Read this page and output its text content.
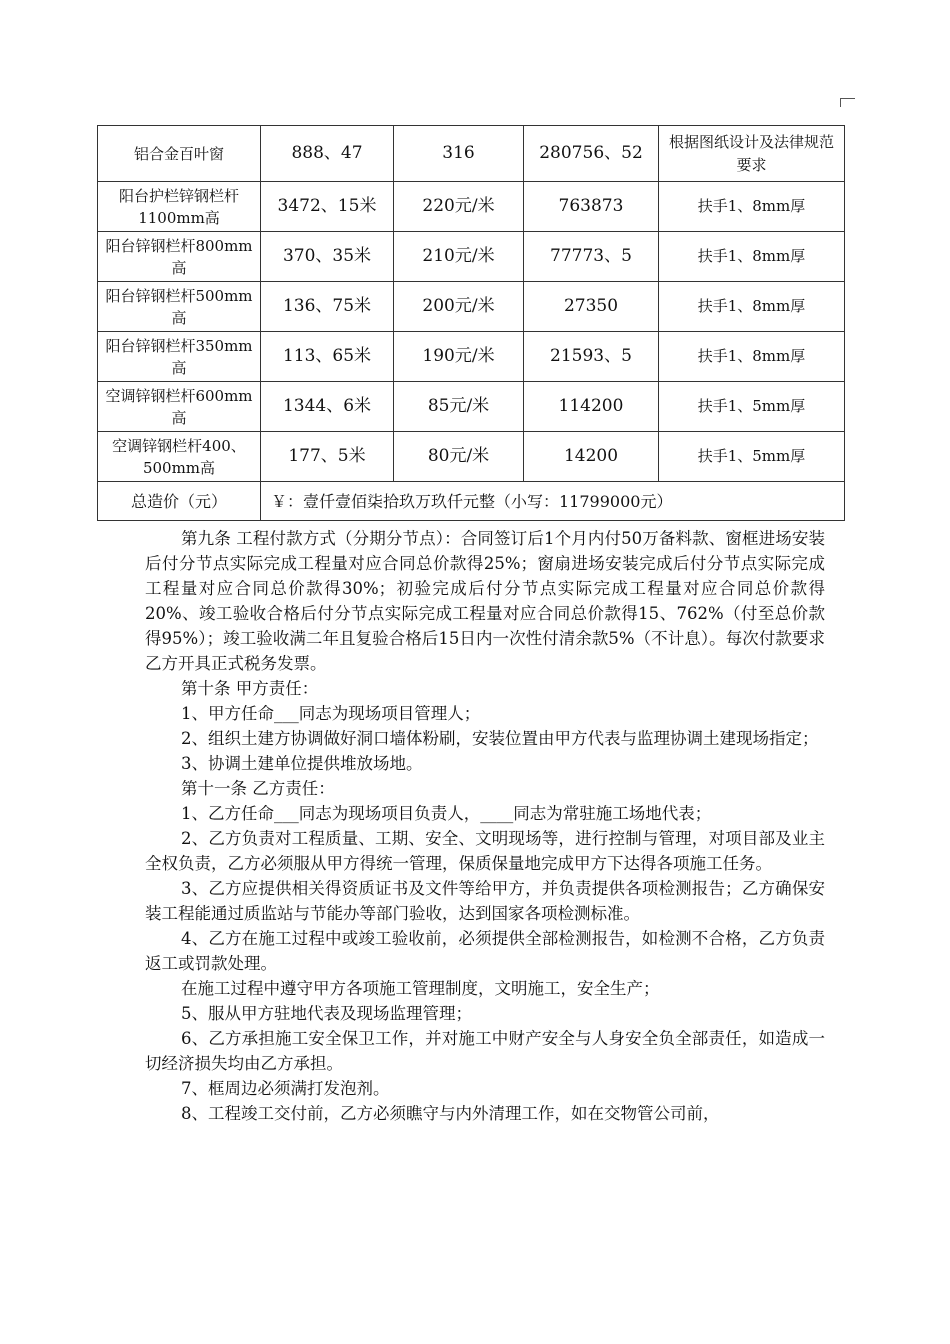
铝合金百叶窗	888、47	316	280756、52	根据图纸设计及法律规范要求
阳台护栏锌钢栏杆1100mm高	3472、15米	220元/米	763873	扶手1、8mm厚
阳台锌钢栏杆800mm高	370、35米	210元/米	77773、5	扶手1、8mm厚
阳台锌钢栏杆500mm高	136、75米	200元/米	27350	扶手1、8mm厚
阳台锌钢栏杆350mm高	113、65米	190元/米	21593、5	扶手1、8mm厚
空调锌钢栏杆600mm高	1344、6米	85元/米	114200	扶手1、5mm厚
空调锌钢栏杆400、500mm高	177、5米	80元/米	14200	扶手1、5mm厚
总造价（元）	￥：壹仟壹佰柒拾玖万玖仟元整（小写：11799000元）			

第九条 工程付款方式（分期分节点）：合同签订后1个月内付50万备料款、窗框进场安装后付分节点实际完成工程量对应合同总价款得25%；窗扇进场安装完成后付分节点实际完成工程量对应合同总价款得30%；初验完成后付分节点实际完成工程量对应合同总价款得20%、竣工验收合格后付分节点实际完成工程量对应合同总价款得15、762%（付至总价款得95%）；竣工验收满二年且复验合格后15日内一次性付清余款5%（不计息）。每次付款要求乙方开具正式税务发票。

第十条 甲方责任：

1、甲方任命___同志为现场项目管理人；

2、组织土建方协调做好洞口墙体粉刷，安装位置由甲方代表与监理协调土建现场指定；

3、协调土建单位提供堆放场地。

第十一条 乙方责任：

1、乙方任命___同志为现场项目负责人，____同志为常驻施工场地代表；

2、乙方负责对工程质量、工期、安全、文明现场等，进行控制与管理，对项目部及业主全权负责，乙方必须服从甲方得统一管理，保质保量地完成甲方下达得各项施工任务。

3、乙方应提供相关得资质证书及文件等给甲方，并负责提供各项检测报告；乙方确保安装工程能通过质监站与节能办等部门验收，达到国家各项检测标准。

4、乙方在施工过程中或竣工验收前，必须提供全部检测报告，如检测不合格，乙方负责返工或罚款处理。

在施工过程中遵守甲方各项施工管理制度，文明施工，安全生产；

5、服从甲方驻地代表及现场监理管理；

6、乙方承担施工安全保卫工作，并对施工中财产安全与人身安全负全部责任，如造成一切经济损失均由乙方承担。

7、框周边必须满打发泡剂。

8、工程竣工交付前，乙方必须瞧守与内外清理工作，如在交物管公司前，
